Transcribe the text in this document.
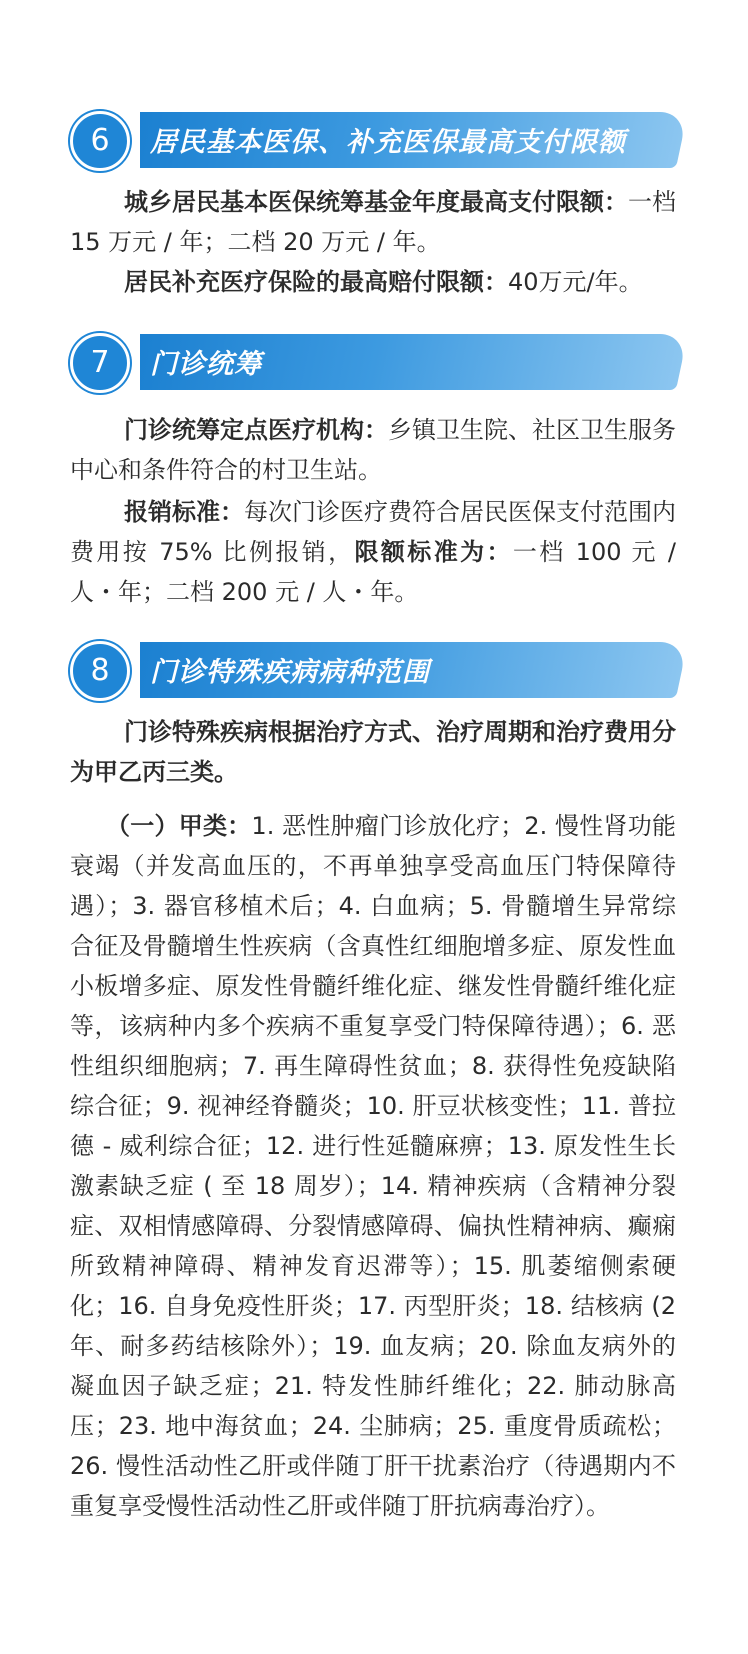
6	居民基本医保、补充医保最高支付限额

城乡居民基本医保统筹基金年度最高支付限额：一档 15 万元 / 年；二档 20 万元 / 年。

居民补充医疗保险的最高赔付限额：40万元/年。

7	门诊统筹

门诊统筹定点医疗机构：乡镇卫生院、社区卫生服务中心和条件符合的村卫生站。

报销标准：每次门诊医疗费符合居民医保支付范围内费用按 75% 比例报销，限额标准为：一档 100 元 / 人・年；二档 200 元 / 人・年。

8	门诊特殊疾病病种范围

门诊特殊疾病根据治疗方式、治疗周期和治疗费用分为甲乙丙三类。

（一）甲类：1. 恶性肿瘤门诊放化疗；2. 慢性肾功能衰竭（并发高血压的，不再单独享受高血压门特保障待遇）；3. 器官移植术后；4. 白血病；5. 骨髓增生异常综合征及骨髓增生性疾病（含真性红细胞增多症、原发性血小板增多症、原发性骨髓纤维化症、继发性骨髓纤维化症等，该病种内多个疾病不重复享受门特保障待遇）；6. 恶性组织细胞病；7. 再生障碍性贫血；8. 获得性免疫缺陷综合征；9. 视神经脊髓炎；10. 肝豆状核变性；11. 普拉德 - 威利综合征；12. 进行性延髓麻痹；13. 原发性生长激素缺乏症 ( 至 18 周岁）；14. 精神疾病（含精神分裂症、双相情感障碍、分裂情感障碍、偏执性精神病、癫痫所致精神障碍、精神发育迟滞等）；15. 肌萎缩侧索硬化；16. 自身免疫性肝炎；17. 丙型肝炎；18. 结核病 (2 年、耐多药结核除外）；19. 血友病；20. 除血友病外的凝血因子缺乏症；21. 特发性肺纤维化；22. 肺动脉高压；23. 地中海贫血；24. 尘肺病；25. 重度骨质疏松；26. 慢性活动性乙肝或伴随丁肝干扰素治疗（待遇期内不重复享受慢性活动性乙肝或伴随丁肝抗病毒治疗）。
